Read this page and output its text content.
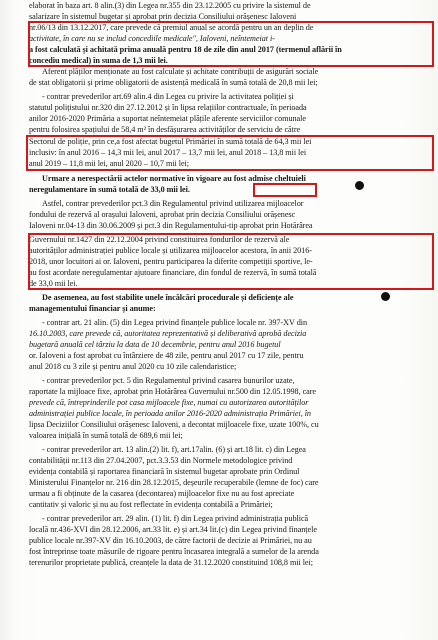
elaborat în baza art. 8 alin.(3) din Legea nr.355 din 23.12.2005 cu privire la sistemul de
salarizare în sistemul bugetar și aprobat prin decizia Consiliului orășenesc Ialoveni
nr.06/13 din 13.12.2017, care prevede că premiul anual se acordă pentru un an deplin de
activitate, în care nu se includ concediile medicale", Ialoveni, neîntemeiat i-
a fost calculată și achitată prima anuală pentru 18 de zile din anul 2017 (termenul aflării în
concediu medical) în suma de 1,3 mii lei.
Aferent plăților menționate au fost calculate și achitate contribuții de asigurări sociale
de stat obligatorii și prime obligatorii de asistență medicală în sumă totală de 20,8 mii lei;
- contrar prevederilor art.69 alin.4 din Legea cu privire la activitatea poliției și
statutul polițistului nr.320 din 27.12.2012 și în lipsa relațiilor contractuale, în perioada
anilor 2016-2020 Primăria a suportat neîntemeiat plățile aferente serviciilor comunale
pentru folosirea spațiului de 58,4 m² în desfășurarea activităților de serviciu de către
Sectorul de poliție, prin ce,a fost afectat bugetul Primăriei în sumă totală de 64,3 mii lei
inclusiv: în anul 2016 – 14,3 mii lei, anul 2017 – 13,7 mii lei, anul 2018 – 13,8 mii lei
anul 2019 – 11,8 mii lei, anul 2020 – 10,7 mii lei;
Urmare a nerespectării actelor normative în vigoare au fost admise cheltuieli
neregulamentare în sumă totală de 33,0 mii lei.
Astfel, contrar prevederilor pct.3 din Regulamentul privind utilizarea mijloacelor
fondului de rezervă al orașului Ialoveni, aprobat prin decizia Consiliului orășenesc
Ialoveni nr.04-13 din 30.06.2009 și pct.3 din Regulamentului-tip aprobat prin Hotărârea
Guvernului nr.1427 din 22.12.2004 privind constituirea fondurilor de rezervă ale
autorităților administrației publice locale și utilizarea mijloacelor acestora, în anii 2016-
2018, unor locuitori ai or. Ialoveni, pentru participarea la diferite competiții sportive, le-
au fost acordate neregulamentar ajutoare financiare, din fondul de rezervă, în sumă totală
de 33,0 mii lei.
De asemenea, au fost stabilite unele încălcări procedurale și deficiențe ale
managementului financiar și anume:
- contrar art. 21 alin. (5) din Legea privind finanțele publice locale nr. 397-XV din
16.10.2003, care prevede că, autoritatea reprezentativă și deliberativă aprobă decizia
bugetară anuală cel târziu la data de 10 decembrie, pentru anul 2016 bugetul
or. Ialoveni a fost aprobat cu întârziere de 48 zile, pentru anul 2017 cu 17 zile, pentru
anul 2018 cu 3 zile și pentru anul 2020 cu 10 zile calendaristice;
- contrar prevederilor pct. 5 din Regulamentul privind casarea bunurilor uzate,
raportate la mijloace fixe, aprobat prin Hotărârea Guvernului nr.500 din 12.05.1998, care
prevede că, întreprinderile pot casa mijloacele fixe, numai cu autorizarea autorităților
administrației publice locale, în perioada anilor 2016-2020 administrația Primăriei, în
lipsa Deciziilor Consiliului orășenesc Ialoveni, a decontat mijloacele fixe, uzate 100%, cu
valoarea inițială în sumă totală de 689,6 mii lei;
- contrar prevederilor art. 13 alin.(2) lit. f), art.17alin. (6) și art.18 lit. c) din Legea
contabilității nr.113 din 27.04.2007, pct.3.3.53 din Normele metodologice privind
evidența contabilă și raportarea financiară în sistemul bugetar aprobate prin Ordinul
Ministerului Finanțelor nr. 216 din 28.12.2015, deșeurile recuperabile (lemne de foc) care
urmau a fi obținute de la casarea (decontarea) mijloacelor fixe nu au fost apreciate
cantitativ și valoric și nu au fost reflectate în evidența contabilă a Primăriei;
- contrar prevederilor art. 29 alin. (1) lit. f) din Legea privind administrația publică
locală nr.436-XVI din 28.12.2006, art.33 lit. e) și art.34 lit.(c) din Legea privind finanțele
publice locale nr.397-XV din 16.10.2003, de către factorii de decizie ai Primăriei, nu au
fost întreprinse toate măsurile de rigoare pentru încasarea integrală a sumelor de la arenda
terenurilor proprietate publică, creanțele la data de 31.12.2020 constituind 108,8 mii lei;
